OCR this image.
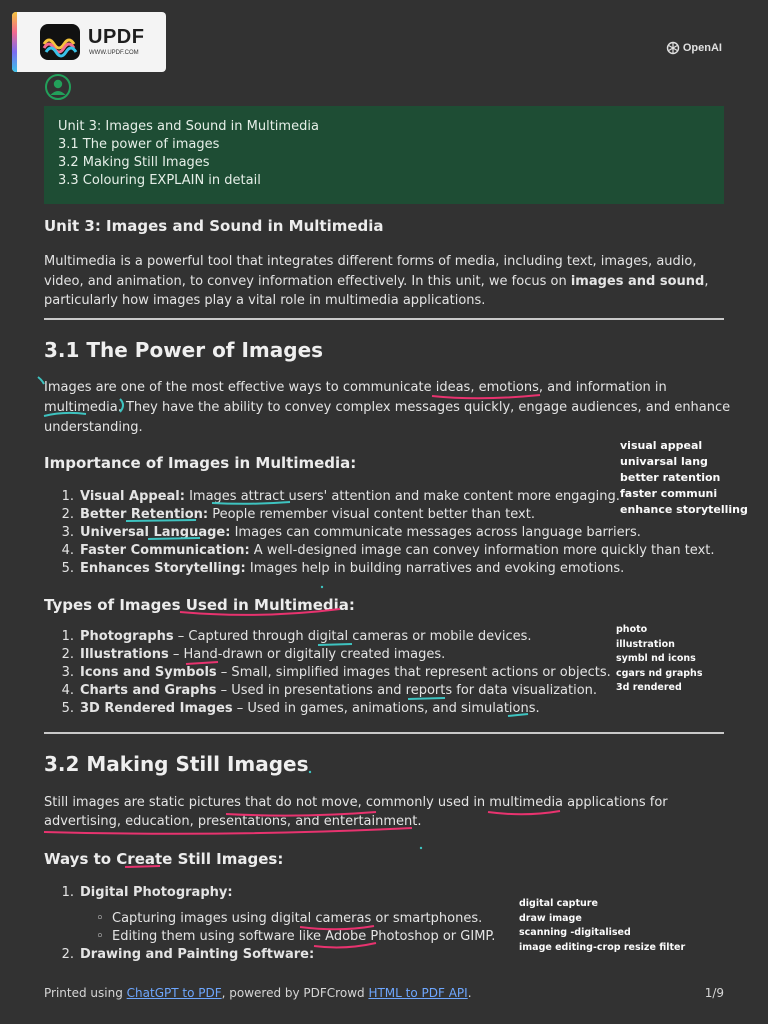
UPDF
WWW.UPDF.COM	OpenAI
Unit 3: Images and Sound in Multimedia
3.1 The power of images
3.2 Making Still Images
3.3 Colouring EXPLAIN in detail
Unit 3: Images and Sound in Multimedia
Multimedia is a powerful tool that integrates different forms of media, including text, images, audio,
video, and animation, to convey information effectively. In this unit, we focus on images and sound,
particularly how images play a vital role in multimedia applications.
3.1 The Power of Images
Images are one of the most effective ways to communicate ideas, emotions, and information in
multimedia. They have the ability to convey complex messages quickly, engage audiences, and enhance
understanding.
Importance of Images in Multimedia:
1. Visual Appeal: Images attract users' attention and make content more engaging.
2. Better Retention: People remember visual content better than text.
3. Universal Language: Images can communicate messages across language barriers.
4. Faster Communication: A well-designed image can convey information more quickly than text.
5. Enhances Storytelling: Images help in building narratives and evoking emotions.
visual appeal
univarsal lang
better ratention
faster communi
enhance storytelling
Types of Images Used in Multimedia:
1. Photographs – Captured through digital cameras or mobile devices.
2. Illustrations – Hand-drawn or digitally created images.
3. Icons and Symbols – Small, simplified images that represent actions or objects.
4. Charts and Graphs – Used in presentations and reports for data visualization.
5. 3D Rendered Images – Used in games, animations, and simulations.
photo
illustration
symbl nd icons
cgars nd graphs
3d rendered
3.2 Making Still Images
Still images are static pictures that do not move, commonly used in multimedia applications for
advertising, education, presentations, and entertainment.
Ways to Create Still Images:
1. Digital Photography:
◦ Capturing images using digital cameras or smartphones.
◦ Editing them using software like Adobe Photoshop or GIMP.
2. Drawing and Painting Software:
digital capture
draw image
scanning -digitalised
image editing-crop resize filter
Printed using ChatGPT to PDF, powered by PDFCrowd HTML to PDF API.	1/9
